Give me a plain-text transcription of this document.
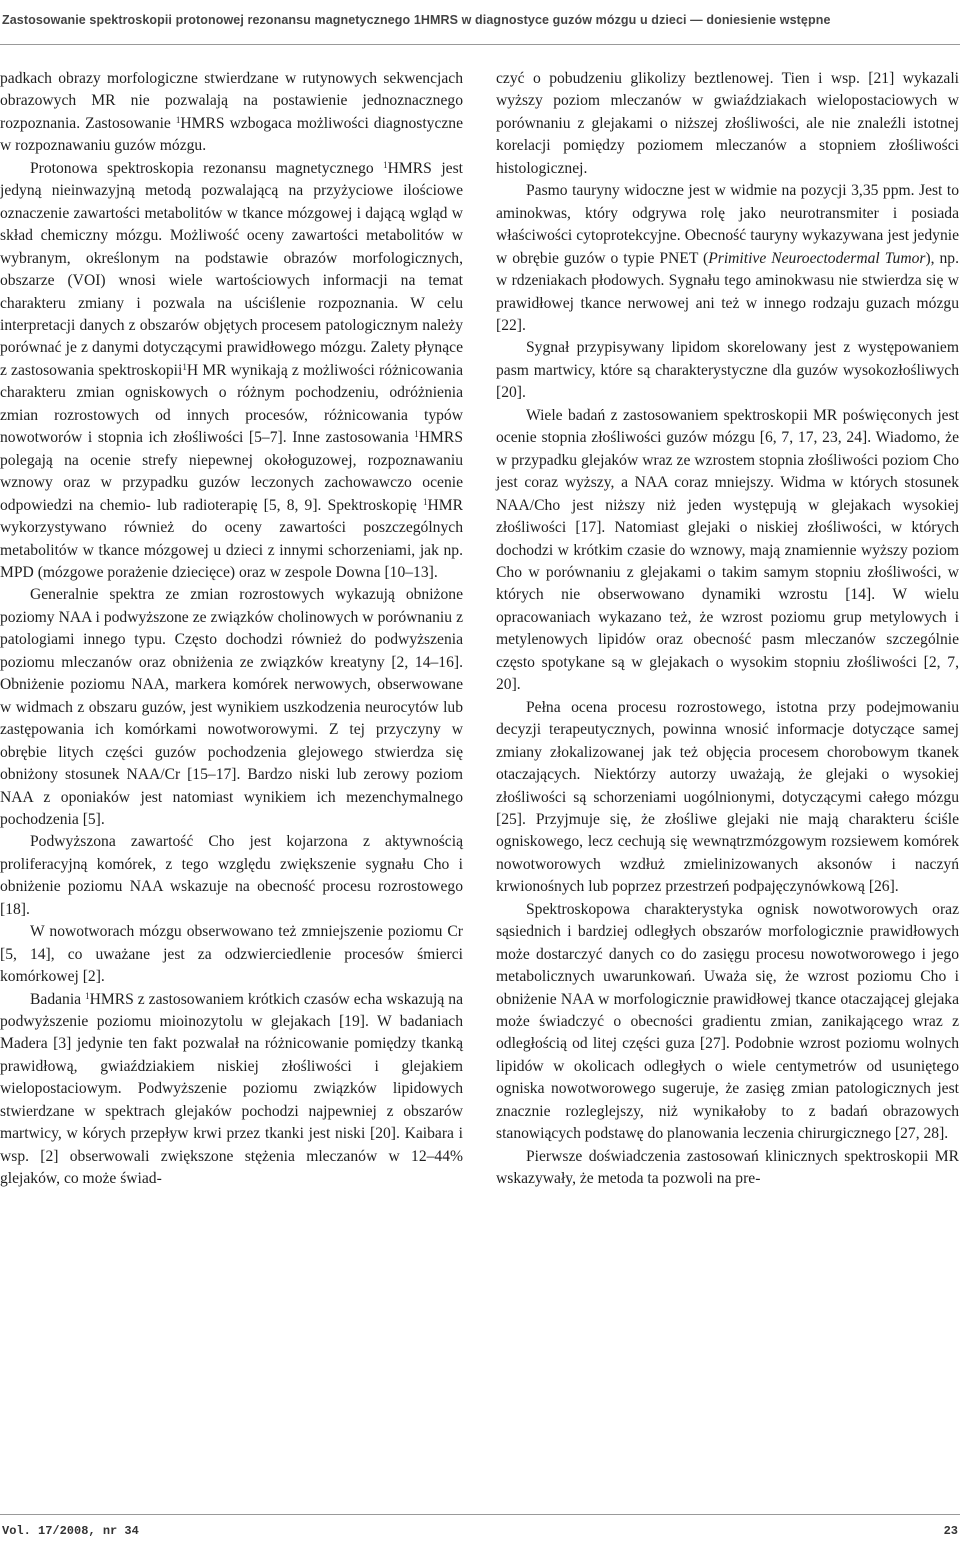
Zastosowanie spektroskopii protonowej rezonansu magnetycznego 1HMRS w diagnostyce guzów mózgu u dzieci — doniesienie wstępne

padkach obrazy morfologiczne stwierdzane w rutynowych sekwencjach obrazowych MR nie pozwalają na postawienie jednoznacznego rozpoznania. Zastosowanie $^1$HMRS wzbogaca możliwości diagnostyczne w rozpoznawaniu guzów mózgu.

Protonowa spektroskopia rezonansu magnetycznego $^1$HMRS jest jedyną nieinwazyjną metodą pozwalającą na przyżyciowe ilościowe oznaczenie zawartości metabolitów w tkance mózgowej i dającą wgląd w skład chemiczny mózgu. Możliwość oceny zawartości metabolitów w wybranym, określonym na podstawie obrazów morfologicznych, obszarze (VOI) wnosi wiele wartościowych informacji na temat charakteru zmiany i pozwala na uściślenie rozpoznania. W celu interpretacji danych z obszarów objętych procesem patologicznym należy porównać je z danymi dotyczącymi prawidłowego mózgu. Zalety płynące z zastosowania spektroskopii$^1$H MR wynikają z możliwości różnicowania charakteru zmian ogniskowych o różnym pochodzeniu, odróżnienia zmian rozrostowych od innych procesów, różnicowania typów nowotworów i stopnia ich złośliwości [5–7]. Inne zastosowania $^1$HMRS polegają na ocenie strefy niepewnej okołoguzowej, rozpoznawaniu wznowy oraz w przypadku guzów leczonych zachowawczo ocenie odpowiedzi na chemio- lub radioterapię [5, 8, 9]. Spektroskopię $^1$HMR wykorzystywano również do oceny zawartości poszczególnych metabolitów w tkance mózgowej u dzieci z innymi schorzeniami, jak np. MPD (mózgowe porażenie dziecięce) oraz w zespole Downa [10–13].

Generalnie spektra ze zmian rozrostowych wykazują obniżone poziomy NAA i podwyższone ze związków cholinowych w porównaniu z patologiami innego typu. Często dochodzi również do podwyższenia poziomu mleczanów oraz obniżenia ze związków kreatyny [2, 14–16]. Obniżenie poziomu NAA, markera komórek nerwowych, obserwowane w widmach z obszaru guzów, jest wynikiem uszkodzenia neurocytów lub zastępowania ich komórkami nowotworowymi. Z tej przyczyny w obrębie litych części guzów pochodzenia glejowego stwierdza się obniżony stosunek NAA/Cr [15–17]. Bardzo niski lub zerowy poziom NAA z oponiaków jest natomiast wynikiem ich mezenchymalnego pochodzenia [5].

Podwyższona zawartość Cho jest kojarzona z aktywnością proliferacyjną komórek, z tego względu zwiększenie sygnału Cho i obniżenie poziomu NAA wskazuje na obecność procesu rozrostowego [18].

W nowotworach mózgu obserwowano też zmniejszenie poziomu Cr [5, 14], co uważane jest za odzwierciedlenie procesów śmierci komórkowej [2].

Badania $^1$HMRS z zastosowaniem krótkich czasów echa wskazują na podwyższenie poziomu mioinozytolu w glejakach [19]. W badaniach Madera [3] jedynie ten fakt pozwalał na różnicowanie pomiędzy tkanką prawidłową, gwiaździakiem niskiej złośliwości i glejakiem wielopostaciowym. Podwyższenie poziomu związków lipidowych stwierdzane w spektrach glejaków pochodzi najpewniej z obszarów martwicy, w kórych przepływ krwi przez tkanki jest niski [20]. Kaibara i wsp. [2] obserwowali zwiększone stężenia mleczanów w 12–44% glejaków, co może świad-

czyć o pobudzeniu glikolizy beztlenowej. Tien i wsp. [21] wykazali wyższy poziom mleczanów w gwiaździakach wielopostaciowych w porównaniu z glejakami o niższej złośliwości, ale nie znaleźli istotnej korelacji pomiędzy poziomem mleczanów a stopniem złośliwości histologicznej.

Pasmo tauryny widoczne jest w widmie na pozycji 3,35 ppm. Jest to aminokwas, który odgrywa rolę jako neurotransmiter i posiada właściwości cytoprotekcyjne. Obecność tauryny wykazywana jest jedynie w obrębie guzów o typie PNET (Primitive Neuroectodermal Tumor), np. w rdzeniakach płodowych. Sygnału tego aminokwasu nie stwierdza się w prawidłowej tkance nerwowej ani też w innego rodzaju guzach mózgu [22].

Sygnał przypisywany lipidom skorelowany jest z występowaniem pasm martwicy, które są charakterystyczne dla guzów wysokozłośliwych [20].

Wiele badań z zastosowaniem spektroskopii MR poświęconych jest ocenie stopnia złośliwości guzów mózgu [6, 7, 17, 23, 24]. Wiadomo, że w przypadku glejaków wraz ze wzrostem stopnia złośliwości poziom Cho jest coraz wyższy, a NAA coraz mniejszy. Widma w których stosunek NAA/Cho jest niższy niż jeden występują w glejakach wysokiej złośliwości [17]. Natomiast glejaki o niskiej złośliwości, w których dochodzi w krótkim czasie do wznowy, mają znamiennie wyższy poziom Cho w porównaniu z glejakami o takim samym stopniu złośliwości, w których nie obserwowano dynamiki wzrostu [14]. W wielu opracowaniach wykazano też, że wzrost poziomu grup metylowych i metylenowych lipidów oraz obecność pasm mleczanów szczególnie często spotykane są w glejakach o wysokim stopniu złośliwości [2, 7, 20].

Pełna ocena procesu rozrostowego, istotna przy podejmowaniu decyzji terapeutycznych, powinna wnosić informacje dotyczące samej zmiany złokalizowanej jak też objęcia procesem chorobowym tkanek otaczających. Niektórzy autorzy uważają, że glejaki o wysokiej złośliwości są schorzeniami uogólnionymi, dotyczącymi całego mózgu [25]. Przyjmuje się, że złośliwe glejaki nie mają charakteru ściśle ogniskowego, lecz cechują się wewnątrzmózgowym rozsiewem komórek nowotworowych wzdłuż zmielinizowanych aksonów i naczyń krwionośnych lub poprzez przestrzeń podpajęczynówkową [26].

Spektroskopowa charakterystyka ognisk nowotworowych oraz sąsiednich i bardziej odległych obszarów morfologicznie prawidłowych może dostarczyć danych co do zasięgu procesu nowotworowego i jego metabolicznych uwarunkowań. Uważa się, że wzrost poziomu Cho i obniżenie NAA w morfologicznie prawidłowej tkance otaczającej glejaka może świadczyć o obecności gradientu zmian, zanikającego wraz z odległością od litej części guza [27]. Podobnie wzrost poziomu wolnych lipidów w okolicach odległych o wiele centymetrów od usuniętego ogniska nowotworowego sugeruje, że zasięg zmian patologicznych jest znacznie rozleglejszy, niż wynikałoby to z badań obrazowych stanowiących podstawę do planowania leczenia chirurgicznego [27, 28].

Pierwsze doświadczenia zastosowań klinicznych spektroskopii MR wskazywały, że metoda ta pozwoli na pre-

Vol. 17/2008, nr 34	23
